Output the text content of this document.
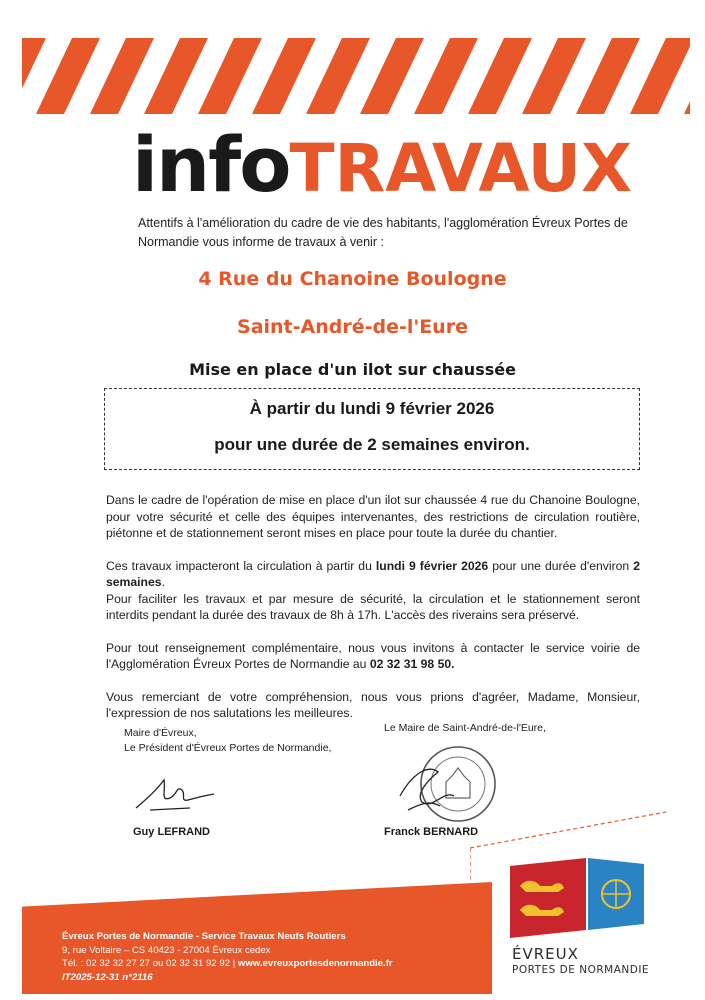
infoTRAVAUX
Attentifs à l'amélioration du cadre de vie des habitants, l'agglomération Évreux Portes de Normandie vous informe de travaux à venir :
4 Rue du Chanoine Boulogne
Saint-André-de-l'Eure
Mise en place d'un ilot sur chaussée
À partir du lundi 9 février 2026
pour une durée de 2 semaines environ.

Dans le cadre de l'opération de mise en place d'un ilot sur chaussée 4 rue du Chanoine Boulogne, pour votre sécurité et celle des équipes intervenantes, des restrictions de circulation routière, piétonne et de stationnement seront mises en place pour toute la durée du chantier.

Ces travaux impacteront la circulation à partir du lundi 9 février 2026 pour une durée d'environ 2 semaines.

Pour faciliter les travaux et par mesure de sécurité, la circulation et le stationnement seront interdits pendant la durée des travaux de 8h à 17h. L'accès des riverains sera préservé.

Pour tout renseignement complémentaire, nous vous invitons à contacter le service voirie de l'Agglomération Évreux Portes de Normandie au 02 32 31 98 50.

Vous remerciant de votre compréhension, nous vous prions d'agréer, Madame, Monsieur, l'expression de nos salutations les meilleures.

Maire d'Évreux,
Le Président d'Évreux Portes de Normandie,
Guy LEFRAND
Le Maire de Saint-André-de-l'Eure,
Franck BERNARD
Évreux Portes de Normandie - Service Travaux Neufs Routiers
9, rue Voltaire – CS 40423 - 27004 Évreux cedex
Tél. : 02 32 32 27 27 ou 02 32 31 92 92 | www.evreuxportesdenormandie.fr
IT2025-12-31 n°2116
ÉVREUX
PORTES DE NORMANDIE
